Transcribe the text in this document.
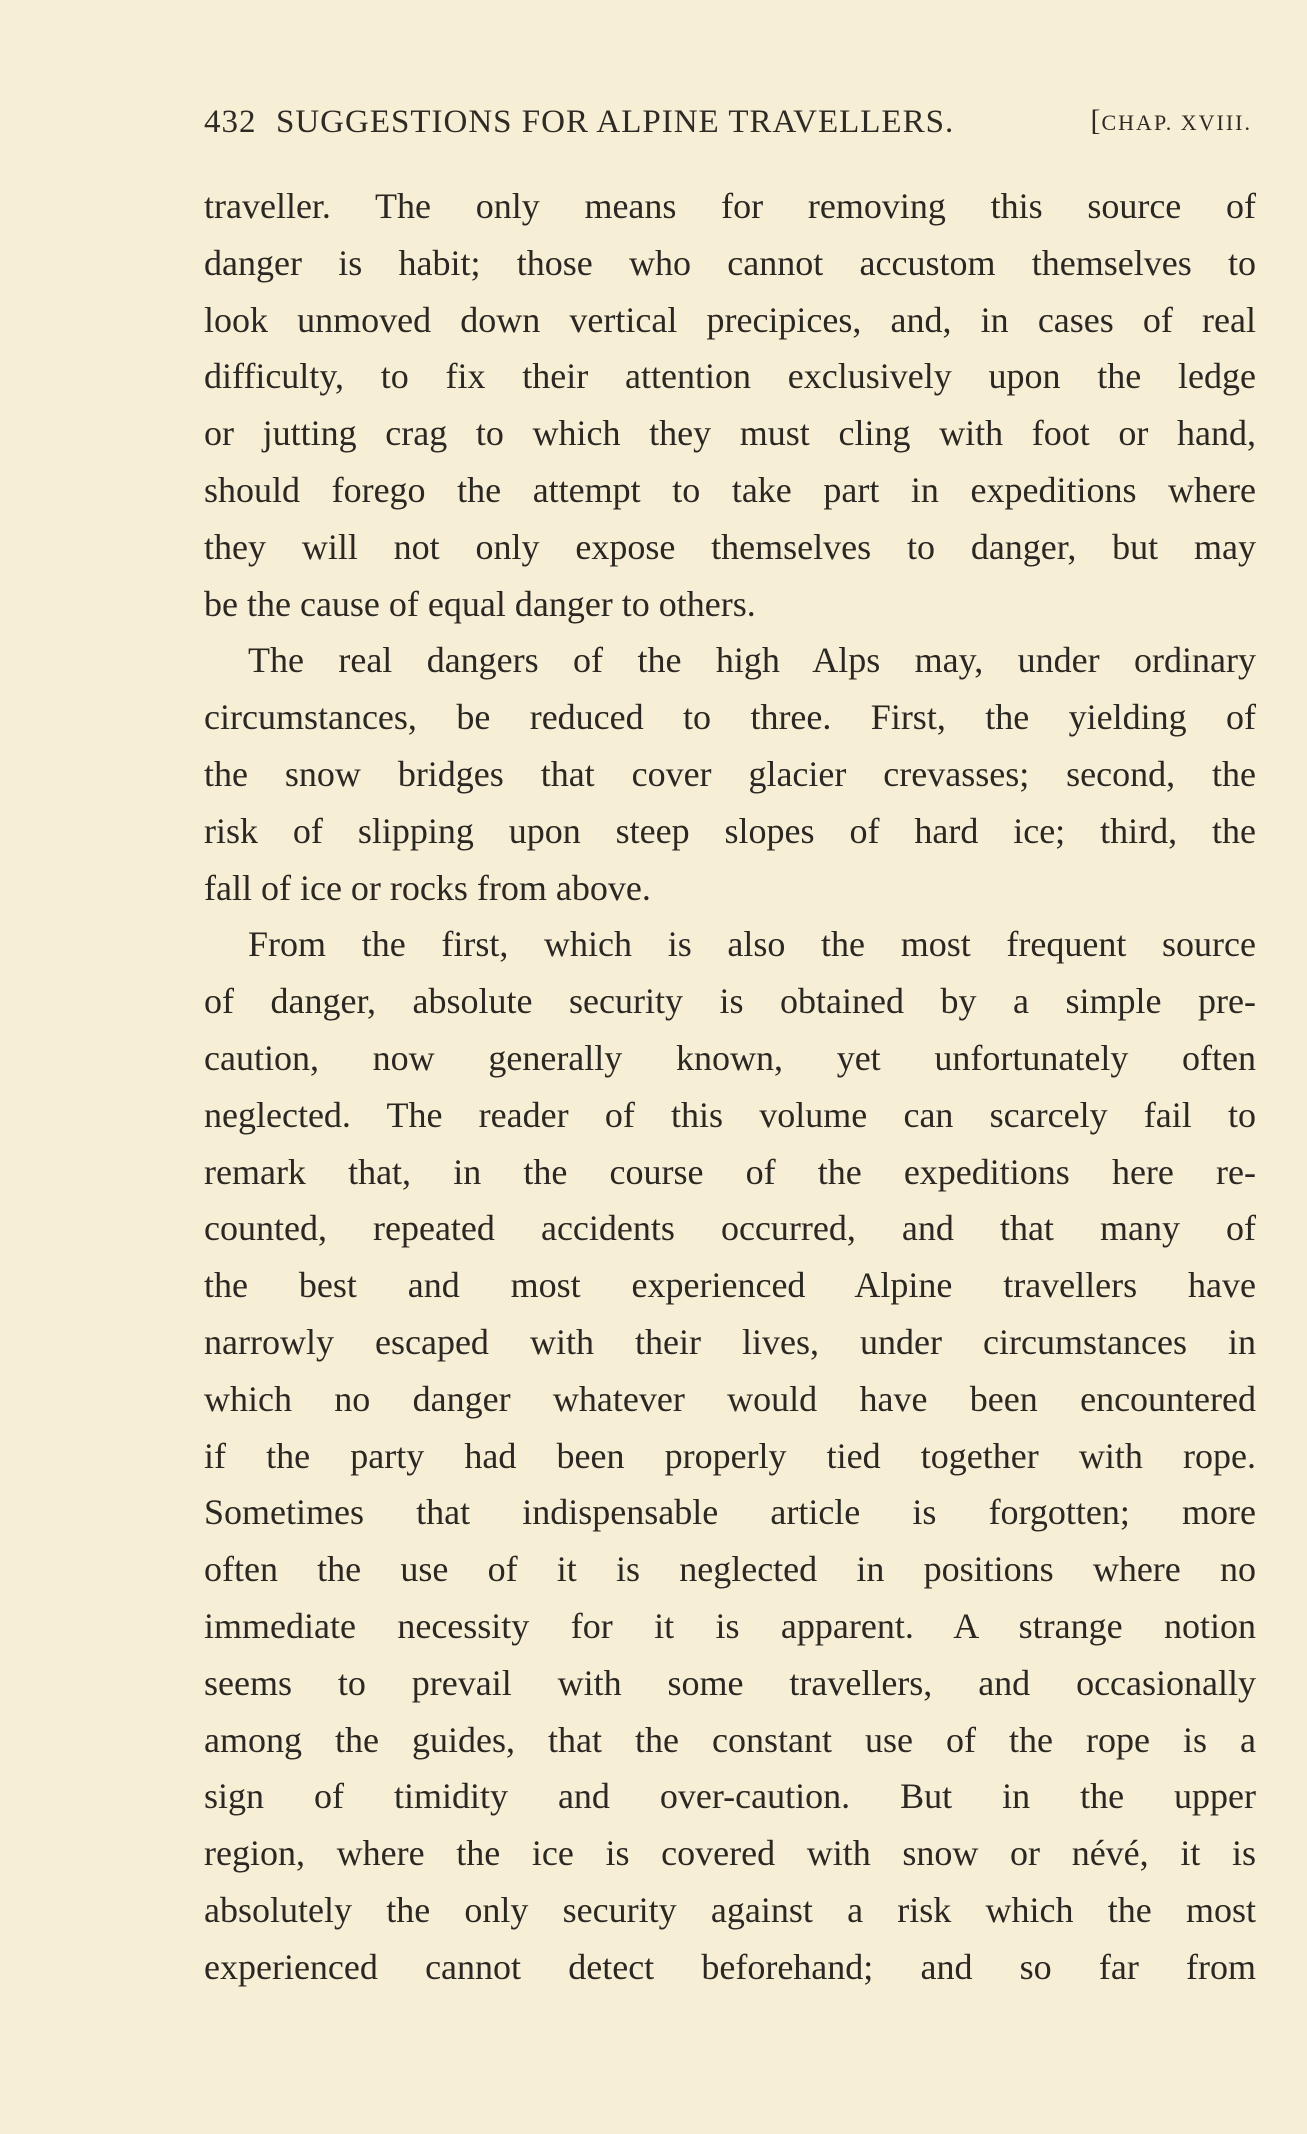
432 SUGGESTIONS FOR ALPINE TRAVELLERS.	[CHAP. XVIII.
traveller. The only means for removing this source of
danger is habit; those who cannot accustom themselves to
look unmoved down vertical precipices, and, in cases of real
difficulty, to fix their attention exclusively upon the ledge
or jutting crag to which they must cling with foot or hand,
should forego the attempt to take part in expeditions where
they will not only expose themselves to danger, but may
be the cause of equal danger to others.
The real dangers of the high Alps may, under ordinary
circumstances, be reduced to three. First, the yielding of
the snow bridges that cover glacier crevasses; second, the
risk of slipping upon steep slopes of hard ice; third, the
fall of ice or rocks from above.
From the first, which is also the most frequent source
of danger, absolute security is obtained by a simple pre-
caution, now generally known, yet unfortunately often
neglected. The reader of this volume can scarcely fail to
remark that, in the course of the expeditions here re-
counted, repeated accidents occurred, and that many of
the best and most experienced Alpine travellers have
narrowly escaped with their lives, under circumstances in
which no danger whatever would have been encountered
if the party had been properly tied together with rope.
Sometimes that indispensable article is forgotten; more
often the use of it is neglected in positions where no
immediate necessity for it is apparent. A strange notion
seems to prevail with some travellers, and occasionally
among the guides, that the constant use of the rope is a
sign of timidity and over-caution. But in the upper
region, where the ice is covered with snow or névé, it is
absolutely the only security against a risk which the most
experienced cannot detect beforehand; and so far from
